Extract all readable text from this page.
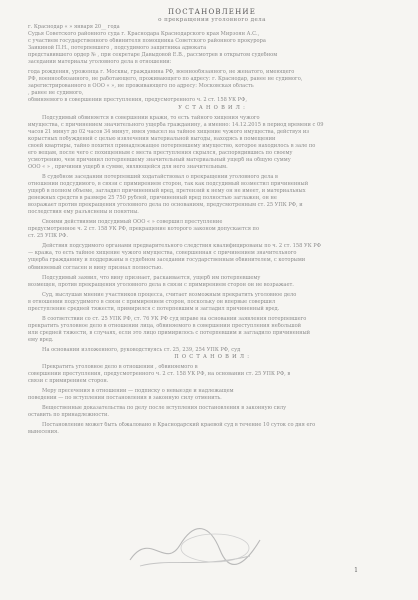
ПОСТАНОВЛЕНИЕ
о прекращении уголовного дела
г. Краснодар « » января 20__ года
Судья Советского районного суда г. Краснодара Краснодарского края Мирзоян А.С.,
с участием государственного обвинителя помощника Советского районного прокурора
Заикиной П.Н., потерпевшего , подсудимого защитника адвоката
представившего ордер № , при секретаре Давыдовой Е.В., рассмотрев в открытом судебном
заседании материалы уголовного дела в отношении:
года рождения, уроженца г. Москвы, гражданина РФ, военнообязанного, не женатого, имеющего
РФ, военнообязанного, не работающего, проживающего по адресу: г. Краснодар, ранее не судимого,
зарегистрированного в ООО « », не проживающего по адресу: Московская область
, ранее не судимого,
обвиняемого в совершении преступления, предусмотренного ч. 2 ст. 158 УК РФ,
У С Т А Н О В И Л :
Подсудимый обвиняется в совершении кражи, то есть тайного хищения чужого
имущества, с причинением значительного ущерба гражданину, а именно: 14.12.2015 в период времени с 09
часов 21 минут до 02 часов 34 минут, имея умысел на тайное хищение чужого имущества, действуя из
корыстных побуждений с целью извлечения материальной выгоды, находясь в помещении
своей квартиры, тайно похитил принадлежащее потерпевшему имущество, которое находилось в зале по
его вещам, после чего с похищенным с места преступления скрылся, распорядившись по своему
усмотрению, чем причинил потерпевшему значительный материальный ущерб на общую сумму
ООО « » , причинив ущерб в сумме, являющейся для него значительным.
В судебном заседании потерпевший ходатайствовал о прекращении уголовного дела в
отношении подсудимого, в связи с примирением сторон, так как подсудимый возместил причиненный
ущерб в полном объеме, загладил причиненный вред, претензий к нему он не имеет, и материальных
денежных средств в размере 25 750 рублей, причиненный вред полностью заглажен, он не
возражает против прекращения уголовного дела по основаниям, предусмотренным ст. 25 УПК РФ, и
последствия ему разъяснены и понятны.
Своими действиями подсудимый ООО « » совершил преступление
предусмотренное ч. 2 ст. 158 УК РФ, прекращение которого законом допускается по
ст. 25 УПК РФ.
Действия подсудимого органами предварительного следствия квалифицированы по ч. 2 ст. 158 УК РФ
— кража, то есть тайное хищение чужого имущества, совершенная с причинением значительного
ущерба гражданину и поддержаны в судебном заседании государственным обвинителем, с которыми
обвиняемый согласен и вину признал полностью.
Подсудимый заявил, что вину признает, раскаивается, ущерб им потерпевшему
возмещен, против прекращения уголовного дела в связи с примирением сторон он не возражает.
Суд, выслушав мнение участников процесса, считает возможным прекратить уголовное дело
в отношении подсудимого в связи с примирением сторон, поскольку он впервые совершил
преступление средней тяжести, примирился с потерпевшим и загладил причиненный вред.
В соответствии со ст. 25 УПК РФ, ст. 76 УК РФ суд вправе на основании заявления потерпевшего
прекратить уголовное дело в отношении лица, обвиняемого в совершении преступления небольшой
или средней тяжести, в случаях, если это лицо примирилось с потерпевшим и загладило причиненный
ему вред.
На основании изложенного, руководствуясь ст. 25, 239, 254 УПК РФ, суд
П О С Т А Н О В И Л :
Прекратить уголовное дело в отношении , обвиняемого в
совершении преступления, предусмотренного ч. 2 ст. 158 УК РФ, на основании ст. 25 УПК РФ, в
связи с примирением сторон.
Меру пресечения в отношении — подписку о невыезде и надлежащем
поведении — по вступлении постановления в законную силу отменить.
Вещественные доказательства по делу после вступления постановления в законную силу
оставить по принадлежности.
Постановление может быть обжаловано в Краснодарский краевой суд в течение 10 суток со дня его
вынесения.
1
